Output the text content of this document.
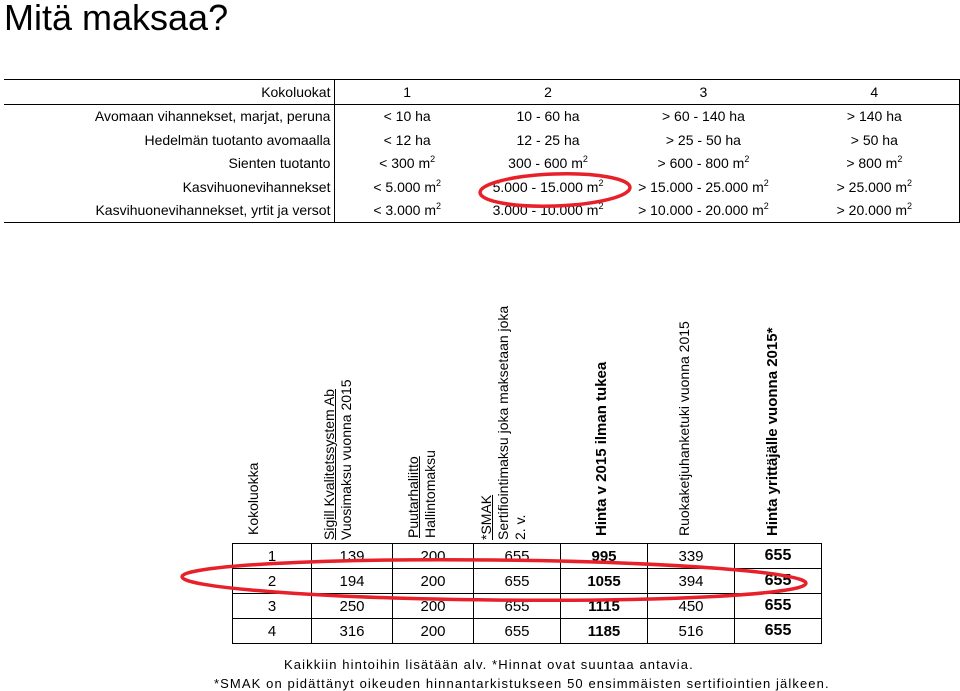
Mitä maksaa?
Kokoluokat	1	2	3	4
Avomaan vihannekset, marjat, peruna	< 10 ha	10 - 60 ha	> 60 - 140 ha	> 140 ha
Hedelmän tuotanto avomaalla	< 12 ha	12 - 25 ha	> 25 - 50 ha	> 50 ha
Sienten tuotanto	< 300 $m^2$	300 - 600 $m^2$	> 600 - 800 $m^2$	> 800 $m^2$
Kasvihuonevihannekset	< 5.000 $m^2$	5.000 - 15.000 $m^2$	> 15.000 - 25.000 $m^2$	> 25.000 $m^2$
Kasvihuonevihannekset, yrtit ja versot	< 3.000 $m^2$	3.000 - 10.000 $m^2$	> 10.000 - 20.000 $m^2$	> 20.000 $m^2$
Kokoluokka	Sigill Kvalitetssystem Ab Vuosimaksu vuonna 2015	Puutarhaliitto Hallintomaksu	*SMAK Sertifiointimaksu joka maksetaan joka 2. v.	Hinta v 2015 ilman tukea	Ruokaketjuhanketuki vuonna 2015	Hinta yrittäjälle vuonna 2015*
1	139	200	655	995	339	655
2	194	200	655	1055	394	655
3	250	200	655	1115	450	655
4	316	200	655	1185	516	655
Kaikkiin hintoihin lisätään alv. *Hinnat ovat suuntaa antavia.
*SMAK on pidättänyt oikeuden hinnantarkistukseen 50 ensimmäisten sertifiointien jälkeen.
